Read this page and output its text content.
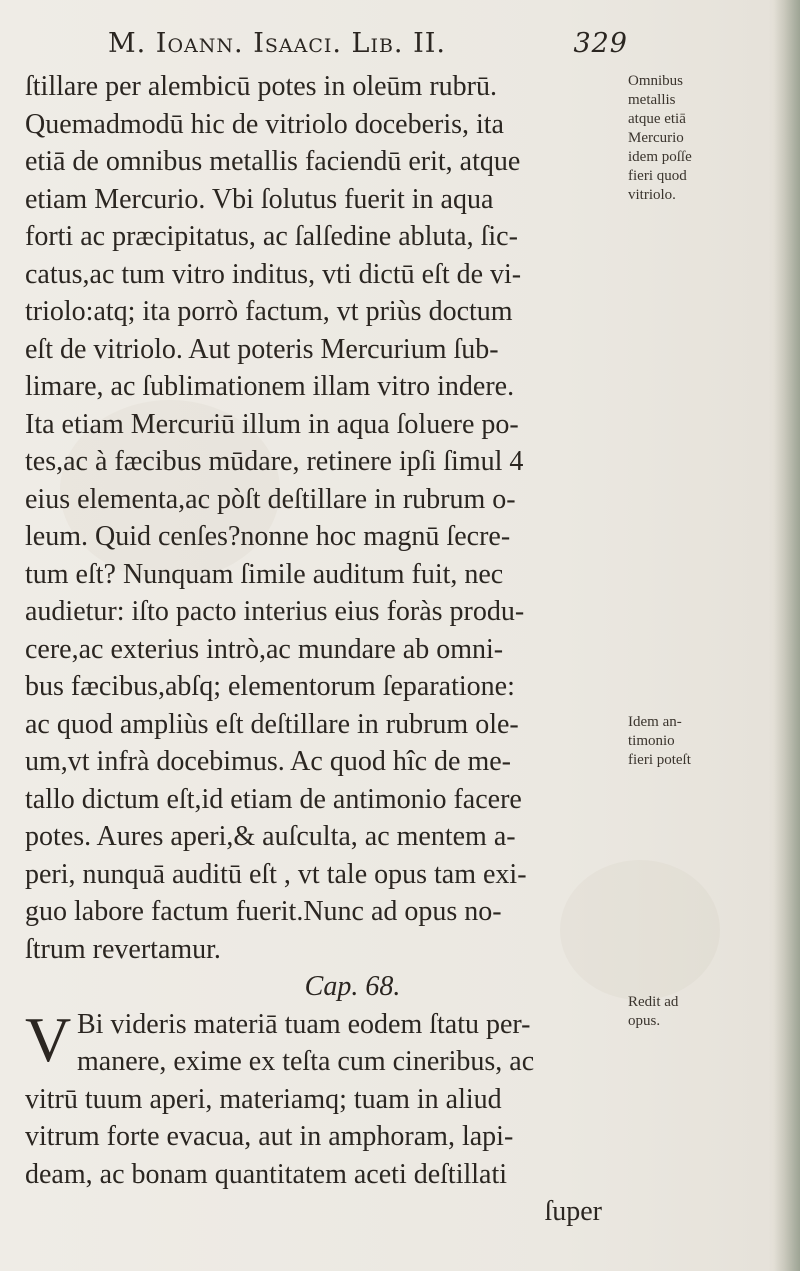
M. Ioann. Isaaci. Lib. II.	329
ſtillare per alembicū potes in oleūm rubrū.
Quemadmodū hic de vitriolo doceberis, ita
etiā de omnibus metallis faciendū erit, atque
etiam Mercurio. Vbi ſolutus fuerit in aqua
forti ac præcipitatus, ac ſalſedine abluta, ſic-
catus,ac tum vitro inditus, vti dictū eſt de vi-
triolo:atq; ita porrò factum, vt priùs doctum
eſt de vitriolo. Aut poteris Mercurium ſub-
limare, ac ſublimationem illam vitro indere.
Ita etiam Mercuriū illum in aqua ſoluere po-
tes,ac à fæcibus mūdare, retinere ipſi ſimul 4
eius elementa,ac pòſt deſtillare in rubrum o-
leum. Quid cenſes?nonne hoc magnū ſecre-
tum eſt? Nunquam ſimile auditum fuit, nec
audietur: iſto pacto interius eius foràs produ-
cere,ac exterius intrò,ac mundare ab omni-
bus fæcibus,abſq; elementorum ſeparatione:
ac quod ampliùs eſt deſtillare in rubrum ole-
um,vt infrà docebimus. Ac quod hîc de me-
tallo dictum eſt,id etiam de antimonio facere
potes. Aures aperi,& auſculta, ac mentem a-
peri, nunquā auditū eſt , vt tale opus tam exi-
guo labore factum fuerit.Nunc ad opus no-
ſtrum revertamur.
Cap. 68.
V Bi videris materiā tuam eodem ſtatu per-
manere, exime ex teſta cum cineribus, ac
vitrū tuum aperi, materiamq; tuam in aliud
vitrum forte evacua, aut in amphoram, lapi-
deam, ac bonam quantitatem aceti deſtillati
ſuper
Omnibus
metallis
atque etiā
Mercurio
idem poſſe
fieri quod
vitriolo.
Idem an-
timonio
fieri poteſt
Redit ad
opus.
